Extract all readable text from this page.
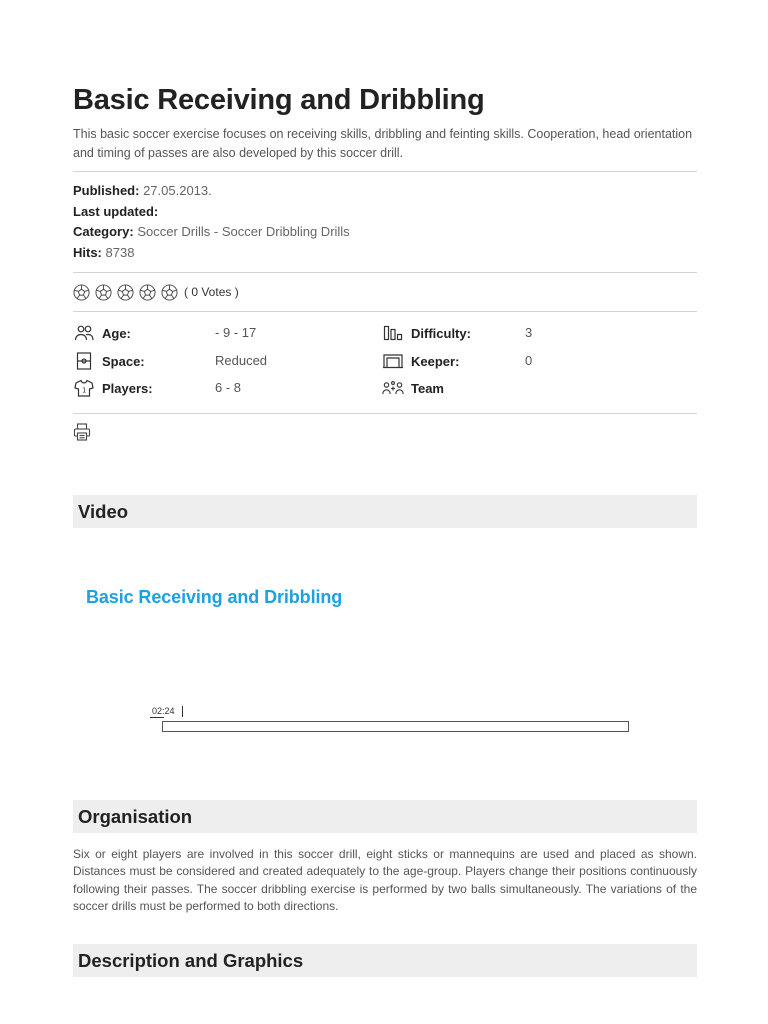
Basic Receiving and Dribbling

This basic soccer exercise focuses on receiving skills, dribbling and feinting skills. Cooperation, head orientation and timing of passes are also developed by this soccer drill.

Published: 27.05.2013.
Last updated:
Category: Soccer Drills - Soccer Dribbling Drills
Hits: 8738
( 0 Votes )
Age:	- 9 - 17
Space:	Reduced
1 Players:	6 - 8
Difficulty:	3
Keeper:	0
Team
Video
Basic Receiving and Dribbling
02:24
Organisation

Six or eight players are involved in this soccer drill, eight sticks or mannequins are used and placed as shown. Distances must be considered and created adequately to the age-group. Players change their positions continuously following their passes. The soccer dribbling exercise is performed by two balls simultaneously. The variations of the soccer drills must be performed to both directions.

Description and Graphics
